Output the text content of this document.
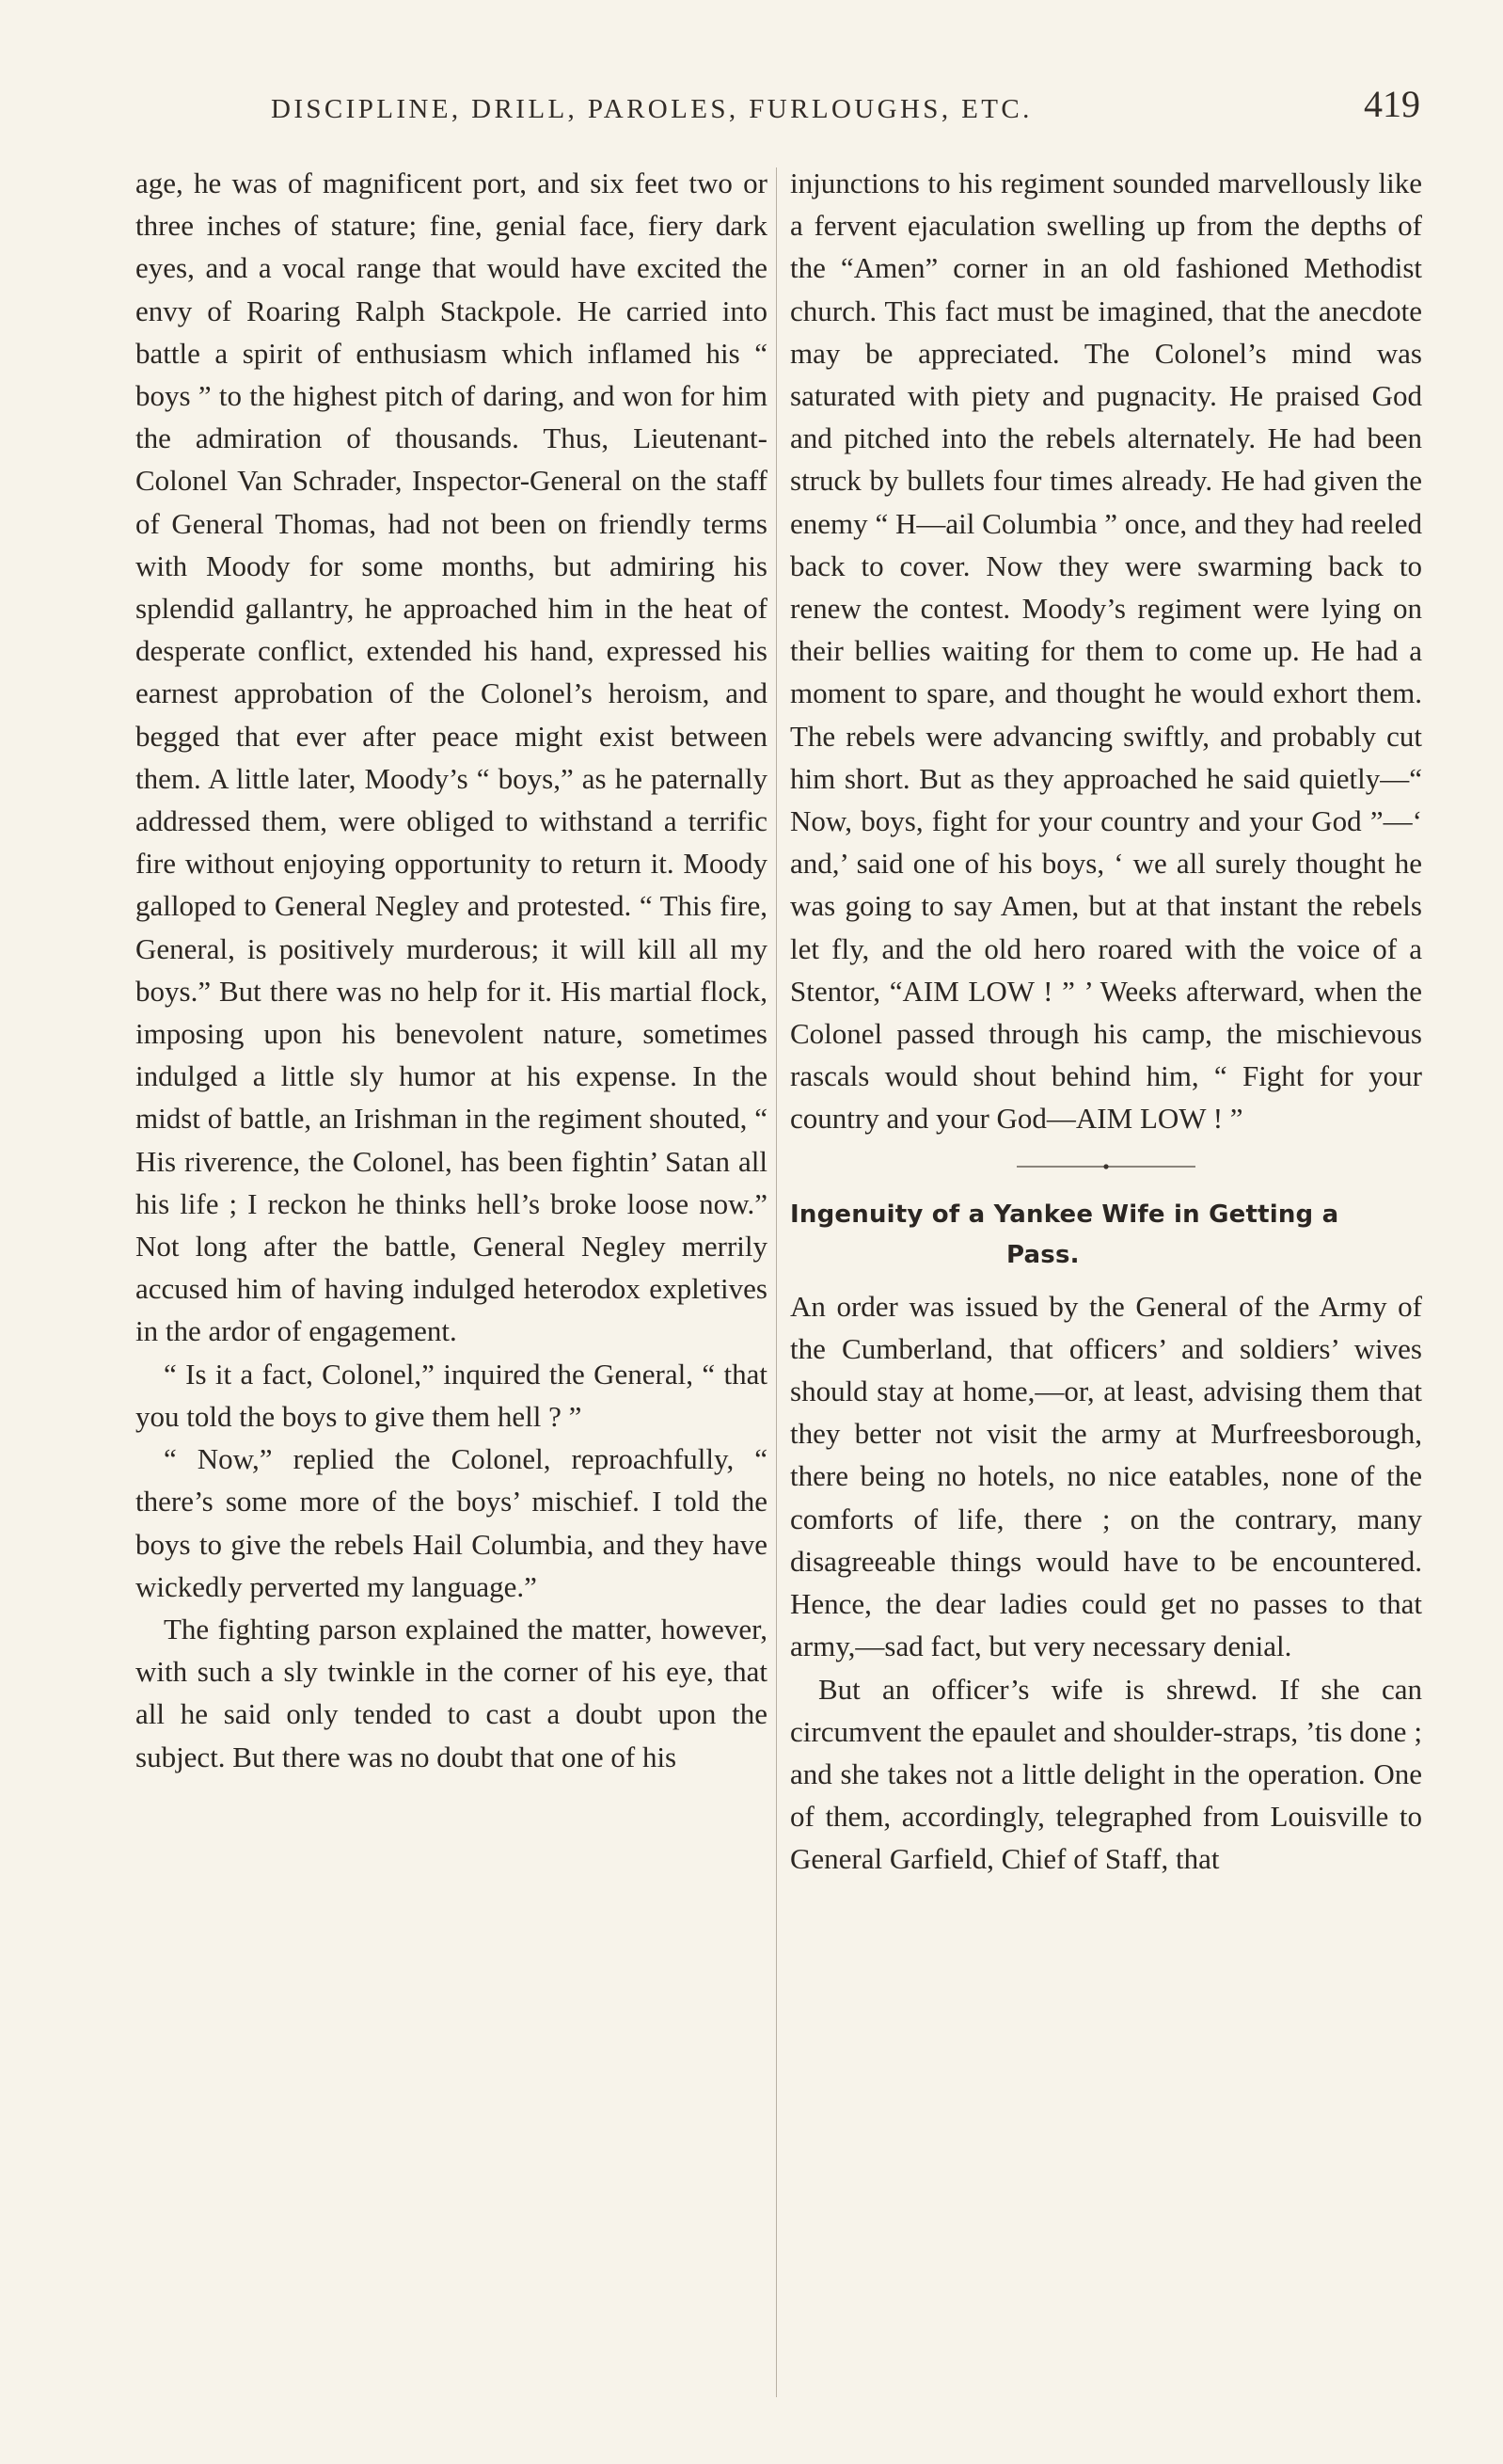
DISCIPLINE, DRILL, PAROLES, FURLOUGHS, ETC.	419

age, he was of magnificent port, and six feet two or three inches of stature; fine, genial face, fiery dark eyes, and a vocal range that would have excited the envy of Roaring Ralph Stackpole. He carried into battle a spirit of enthusiasm which inflamed his “ boys ” to the highest pitch of daring, and won for him the admiration of thousands. Thus, Lieutenant-Colonel Van Schrader, Inspector-General on the staff of General Thomas, had not been on friendly terms with Moody for some months, but admiring his splendid gallantry, he approached him in the heat of desperate conflict, extended his hand, expressed his earnest approbation of the Colonel’s heroism, and begged that ever after peace might exist between them. A little later, Moody’s “ boys,” as he paternally addressed them, were obliged to withstand a terrific fire without enjoying opportunity to return it. Moody galloped to General Negley and protested. “ This fire, General, is positively murderous; it will kill all my boys.” But there was no help for it. His martial flock, imposing upon his benevolent nature, sometimes indulged a little sly humor at his expense. In the midst of battle, an Irishman in the regiment shouted, “ His riverence, the Colonel, has been fightin’ Satan all his life ; I reckon he thinks hell’s broke loose now.” Not long after the battle, General Negley merrily accused him of having indulged heterodox expletives in the ardor of engagement.

“ Is it a fact, Colonel,” inquired the General, “ that you told the boys to give them hell ? ”

“ Now,” replied the Colonel, reproachfully, “ there’s some more of the boys’ mischief. I told the boys to give the rebels Hail Columbia, and they have wickedly perverted my language.”

The fighting parson explained the matter, however, with such a sly twinkle in the corner of his eye, that all he said only tended to cast a doubt upon the subject. But there was no doubt that one of his

injunctions to his regiment sounded marvellously like a fervent ejaculation swelling up from the depths of the “Amen” corner in an old fashioned Methodist church. This fact must be imagined, that the anecdote may be appreciated. The Colonel’s mind was saturated with piety and pugnacity. He praised God and pitched into the rebels alternately. He had been struck by bullets four times already. He had given the enemy “ H—ail Columbia ” once, and they had reeled back to cover. Now they were swarming back to renew the contest. Moody’s regiment were lying on their bellies waiting for them to come up. He had a moment to spare, and thought he would exhort them. The rebels were advancing swiftly, and probably cut him short. But as they approached he said quietly—“ Now, boys, fight for your country and your God ”—‘ and,’ said one of his boys, ‘ we all surely thought he was going to say Amen, but at that instant the rebels let fly, and the old hero roared with the voice of a Stentor, “AIM LOW ! ” ’ Weeks afterward, when the Colonel passed through his camp, the mischievous rascals would shout behind him, “ Fight for your country and your God—AIM LOW ! ”

Ingenuity of a Yankee Wife in Getting a
Pass.

An order was issued by the General of the Army of the Cumberland, that officers’ and soldiers’ wives should stay at home,—or, at least, advising them that they better not visit the army at Murfreesborough, there being no hotels, no nice eatables, none of the comforts of life, there ; on the contrary, many disagreeable things would have to be encountered. Hence, the dear ladies could get no passes to that army,—sad fact, but very necessary denial.

But an officer’s wife is shrewd. If she can circumvent the epaulet and shoulder-straps, ’tis done ; and she takes not a little delight in the operation. One of them, accordingly, telegraphed from Louisville to General Garfield, Chief of Staff, that
